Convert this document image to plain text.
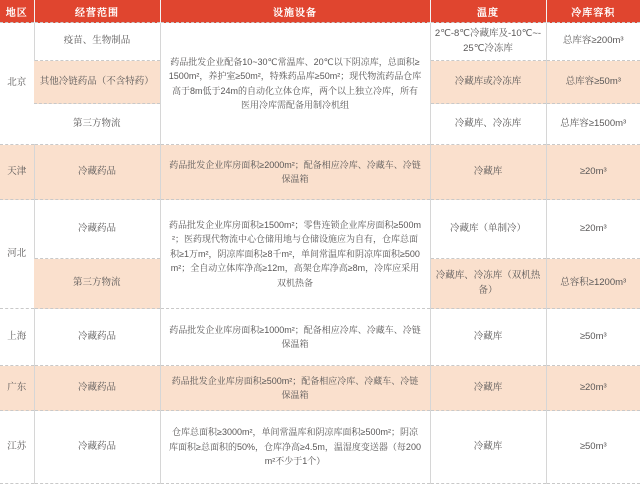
地区	经营范围	设施设备	温度	冷库容积
北京	疫苗、生物制品	药品批发企业配备10~30℃常温库、20℃以下阴凉库，总面积≥1500m²，养护室≥50m²，特殊药品库≥50m²；现代物流药品仓库高于8m低于24m的自动化立体仓库，两个以上独立冷库，所有医用冷库需配备用制冷机组	2℃-8℃冷藏库及-10℃~-25℃冷冻库	总库容≥200m³
	其他冷链药品（不含特药）		冷藏库或冷冻库	总库容≥50m³
	第三方物流		冷藏库、冷冻库	总库容≥1500m³
天津	冷藏药品	药品批发企业库房面积≥2000m²；配备相应冷库、冷藏车、冷链保温箱	冷藏库	≥20m³
河北	冷藏药品	药品批发企业库房面积≥1500m²；零售连锁企业库房面积≥500m²；医药现代物流中心仓储用地与仓储设施应为自有，仓库总面积≥1万m²，阴凉库面积≥8千m²，单间常温库和阴凉库面积≥500m²；全自动立体库净高≥12m，高架仓库净高≥8m，冷库应采用双机热备	冷藏库（单制冷）	≥20m³
	第三方物流		冷藏库、冷冻库（双机热备）	总容积≥1200m³
上海	冷藏药品	药品批发企业库房面积≥1000m²；配备相应冷库、冷藏车、冷链保温箱	冷藏库	≥50m³
广东	冷藏药品	药品批发企业库房面积≥500m²；配备相应冷库、冷藏车、冷链保温箱	冷藏库	≥20m³
江苏	冷藏药品	仓库总面积≥3000m²，单间常温库和阴凉库面积≥500m²；阴凉库面积≥总面积的50%，仓库净高≥4.5m，温湿度变送器（每200m²不少于1个）	冷藏库	≥50m³
